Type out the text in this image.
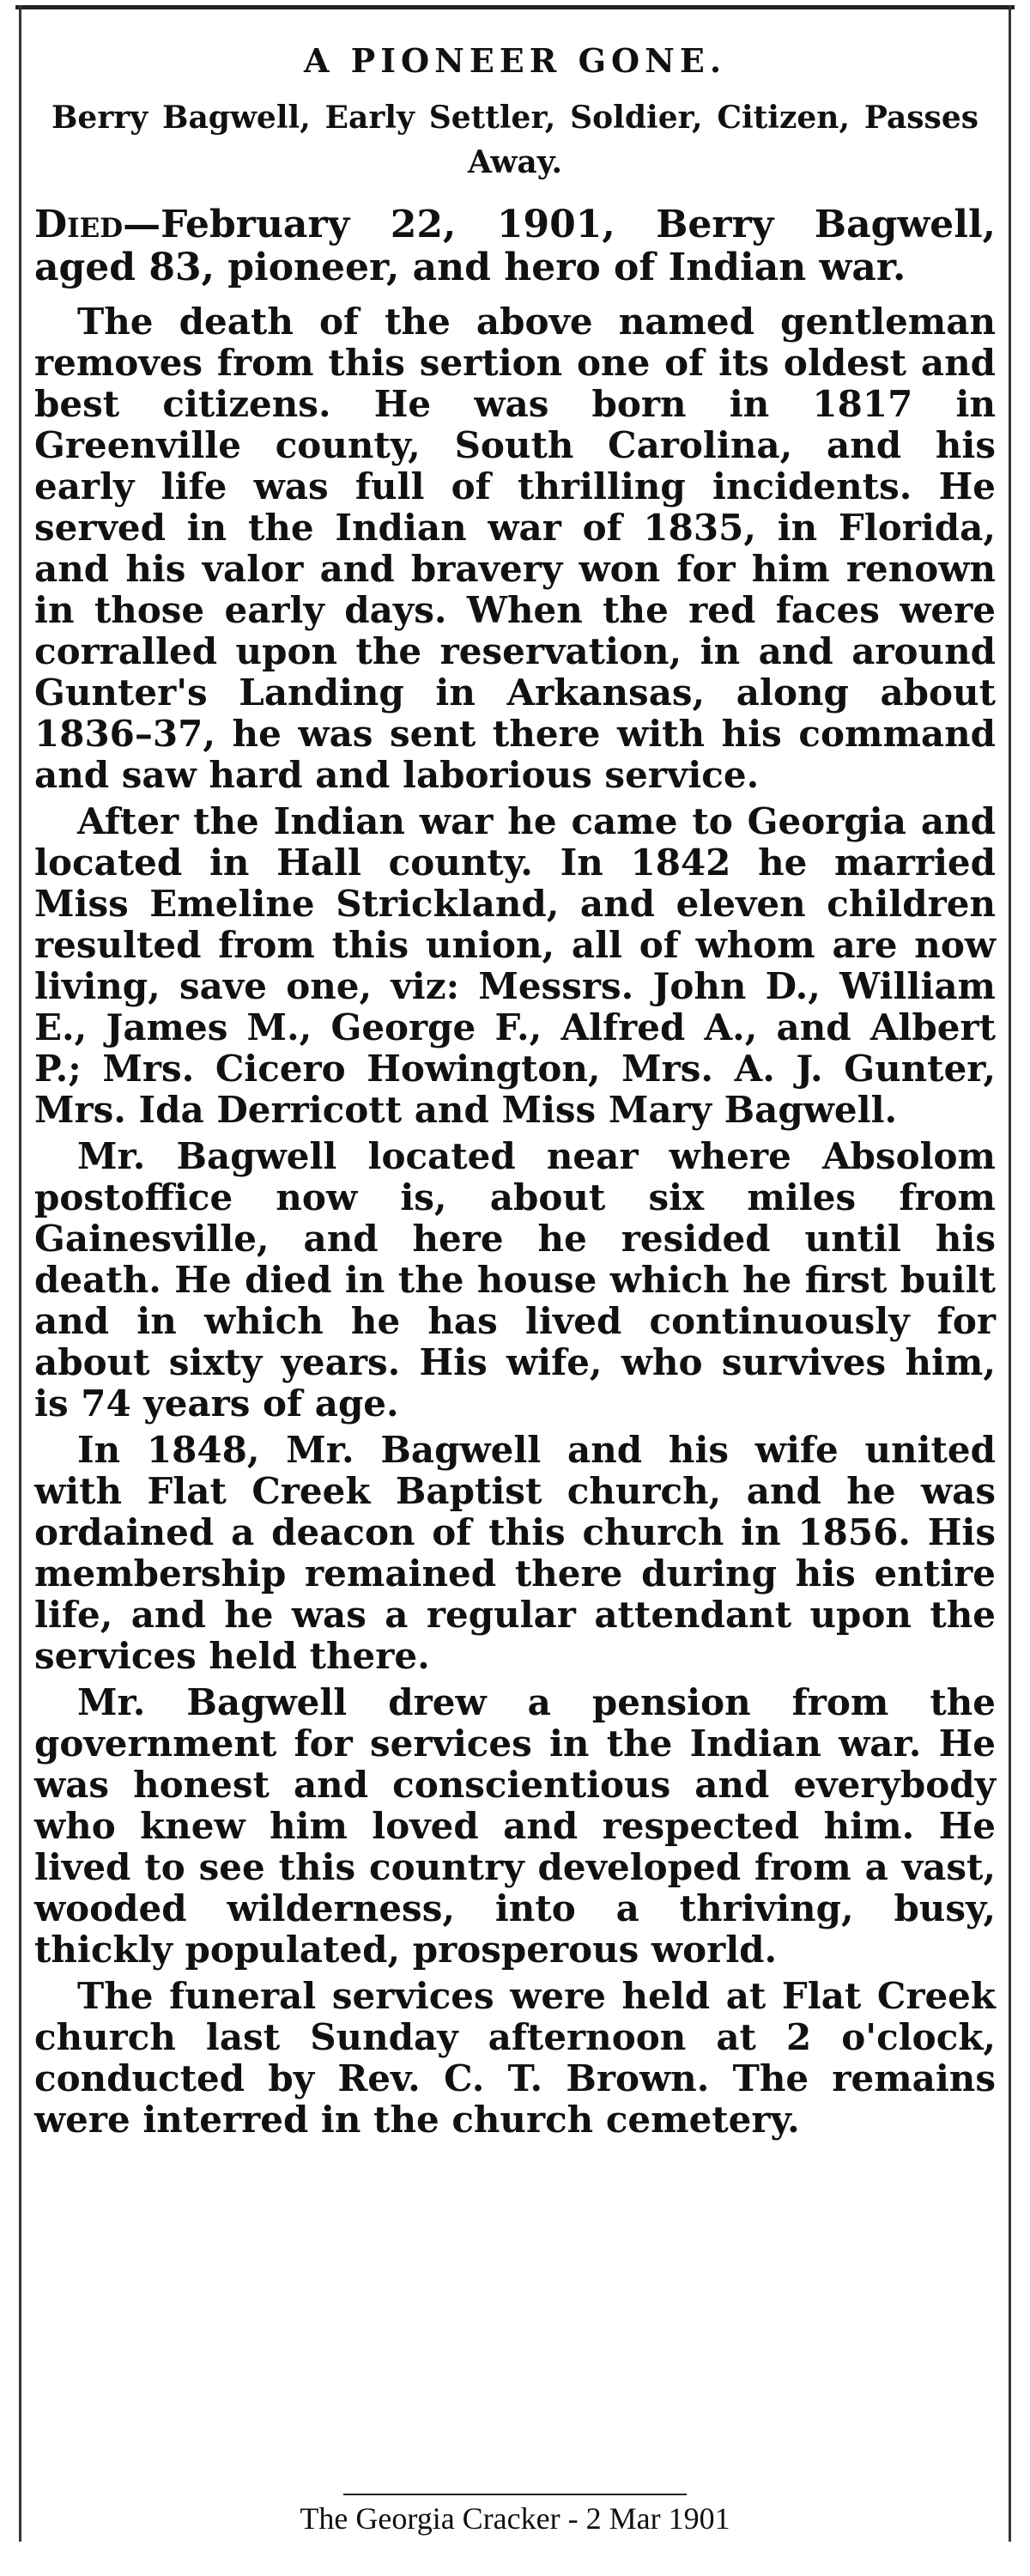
A PIONEER GONE.
Berry Bagwell, Early Settler, Soldier, Citizen, Passes Away.

Died—February 22, 1901, Berry Bagwell, aged 83, pioneer, and hero of Indian war.

The death of the above named gentleman removes from this sertion one of its oldest and best citizens. He was born in 1817 in Greenville county, South Carolina, and his early life was full of thrilling incidents. He served in the Indian war of 1835, in Florida, and his valor and bravery won for him renown in those early days. When the red faces were corralled upon the reservation, in and around Gunter's Landing in Arkansas, along about 1836–37, he was sent there with his command and saw hard and laborious service.

After the Indian war he came to Georgia and located in Hall county. In 1842 he married Miss Emeline Strickland, and eleven children resulted from this union, all of whom are now living, save one, viz: Messrs. John D., William E., James M., George F., Alfred A., and Albert P.; Mrs. Cicero Howington, Mrs. A. J. Gunter, Mrs. Ida Derricott and Miss Mary Bagwell.

Mr. Bagwell located near where Absolom postoffice now is, about six miles from Gainesville, and here he resided until his death. He died in the house which he first built and in which he has lived continuously for about sixty years. His wife, who survives him, is 74 years of age.

In 1848, Mr. Bagwell and his wife united with Flat Creek Baptist church, and he was ordained a deacon of this church in 1856. His membership remained there during his entire life, and he was a regular attendant upon the services held there.

Mr. Bagwell drew a pension from the government for services in the Indian war. He was honest and conscientious and everybody who knew him loved and respected him. He lived to see this country developed from a vast, wooded wilderness, into a thriving, busy, thickly populated, prosperous world.

The funeral services were held at Flat Creek church last Sunday afternoon at 2 o'clock, conducted by Rev. C. T. Brown. The remains were interred in the church cemetery.

The Georgia Cracker - 2 Mar 1901
